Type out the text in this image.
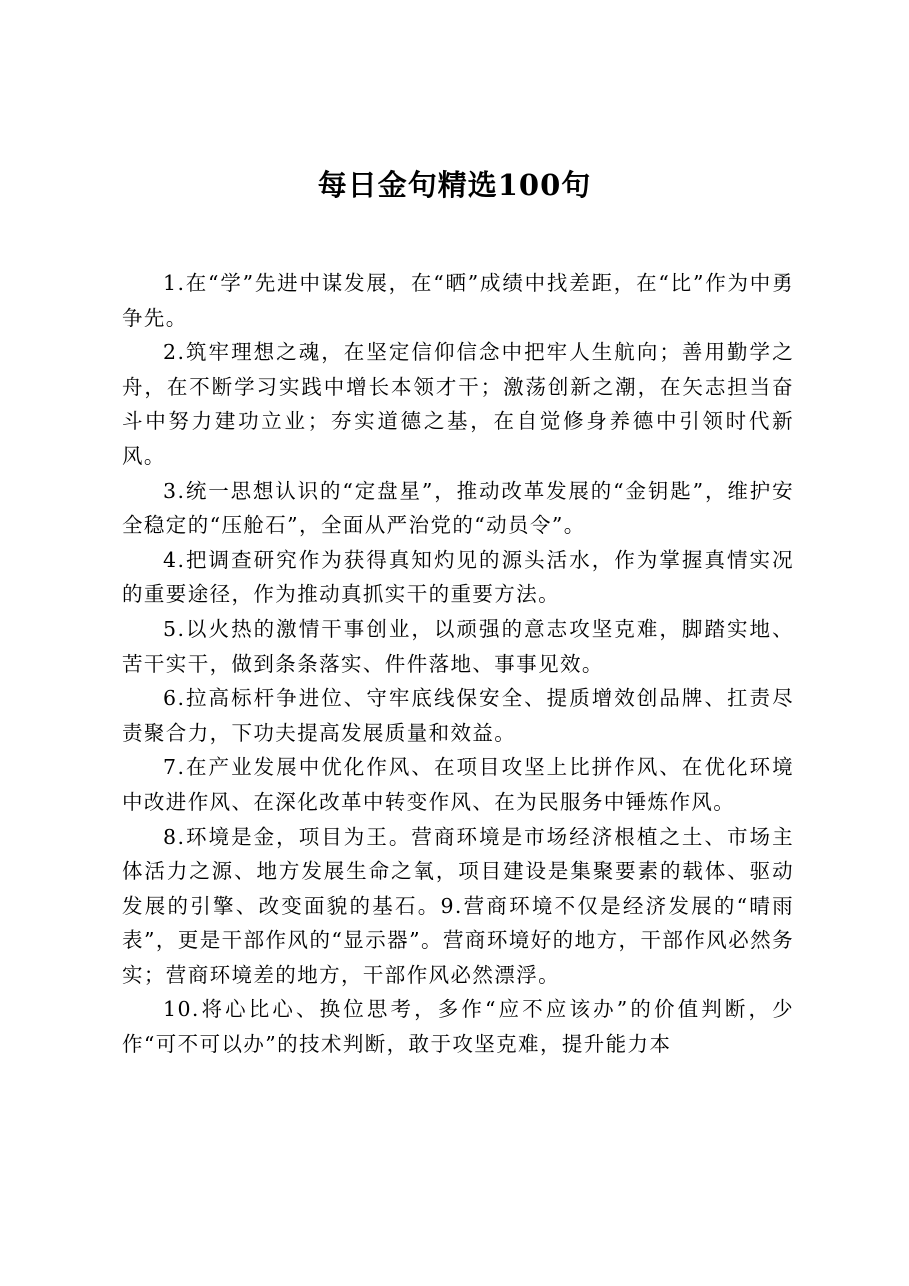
每日金句精选100句

1.在“学”先进中谋发展，在“晒”成绩中找差距，在“比”作为中勇争先。

2.筑牢理想之魂，在坚定信仰信念中把牢人生航向；善用勤学之舟，在不断学习实践中增长本领才干；激荡创新之潮，在矢志担当奋斗中努力建功立业；夯实道德之基，在自觉修身养德中引领时代新风。

3.统一思想认识的“定盘星”，推动改革发展的“金钥匙”，维护安全稳定的“压舱石”，全面从严治党的“动员令”。

4.把调查研究作为获得真知灼见的源头活水，作为掌握真情实况的重要途径，作为推动真抓实干的重要方法。

5.以火热的激情干事创业，以顽强的意志攻坚克难，脚踏实地、苦干实干，做到条条落实、件件落地、事事见效。

6.拉高标杆争进位、守牢底线保安全、提质增效创品牌、扛责尽责聚合力，下功夫提高发展质量和效益。

7.在产业发展中优化作风、在项目攻坚上比拼作风、在优化环境中改进作风、在深化改革中转变作风、在为民服务中锤炼作风。

8.环境是金，项目为王。营商环境是市场经济根植之土、市场主体活力之源、地方发展生命之氧，项目建设是集聚要素的载体、驱动发展的引擎、改变面貌的基石。9.营商环境不仅是经济发展的“晴雨表”，更是干部作风的“显示器”。营商环境好的地方，干部作风必然务实；营商环境差的地方，干部作风必然漂浮。

10.将心比心、换位思考，多作“应不应该办”的价值判断，少作“可不可以办”的技术判断，敢于攻坚克难，提升能力本
